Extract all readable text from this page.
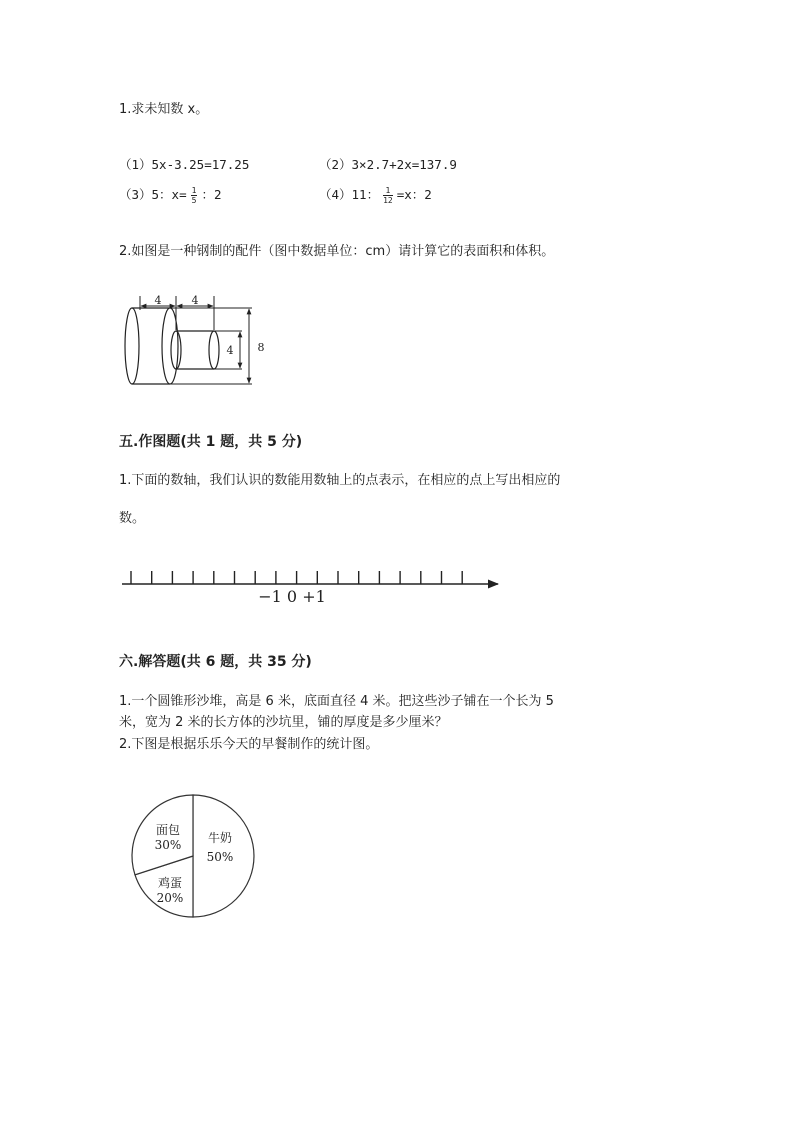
1.求未知数 x。
（1）5x-3.25=17.25	（2）3×2.7+2x=137.9
（3）5：$x= \frac{1}{5}$ ：2	（4）11： $\frac{1}{12} =x$：2
2.如图是一种钢制的配件（图中数据单位：cm）请计算它的表面积和体积。
4	4
4 8
五.作图题(共 1 题，共 5 分)
1.下面的数轴，我们认识的数能用数轴上的点表示，在相应的点上写出相应的
数。
−1 0 +1
六.解答题(共 6 题，共 35 分)
1.一个圆锥形沙堆，高是 6 米，底面直径 4 米。把这些沙子铺在一个长为 5
米，宽为 2 米的长方体的沙坑里，铺的厚度是多少厘米？
2.下图是根据乐乐今天的早餐制作的统计图。
面包
30% 牛奶
50%
鸡蛋
20%
